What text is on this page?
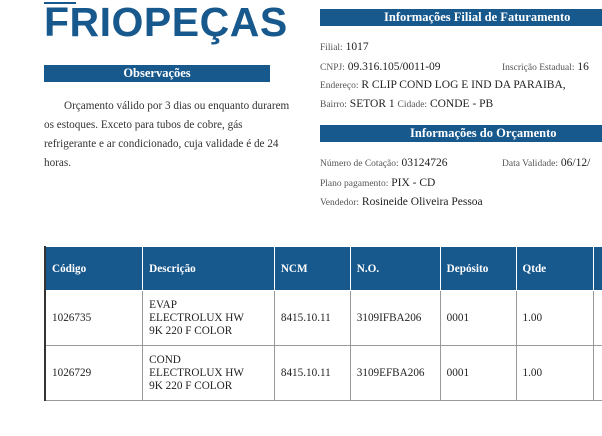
FRIOPEÇAS
Observações
Orçamento válido por 3 dias ou enquanto durarem os estoques. Exceto para tubos de cobre, gás refrigerante e ar condicionado, cuja validade é de 24 horas.
Informações Filial de Faturamento
Filial: 1017
CNPJ: 09.316.105/0011-09	Inscrição Estadual: 16
Endereço: R CLIP COND LOG E IND DA PARAIBA,
Bairro: SETOR 1 Cidade: CONDE - PB
Informações do Orçamento
Número de Cotação: 03124726	Data Validade: 06/12/
Plano pagamento: PIX - CD
Vendedor: Rosineide Oliveira Pessoa
Código	Descrição	NCM	N.O.	Depósito	Qtde	
1026735	EVAP
ELECTROLUX HW
9K 220 F COLOR	8415.10.11	3109IFBA206	0001	1.00	
1026729	COND
ELECTROLUX HW
9K 220 F COLOR	8415.10.11	3109EFBA206	0001	1.00	
